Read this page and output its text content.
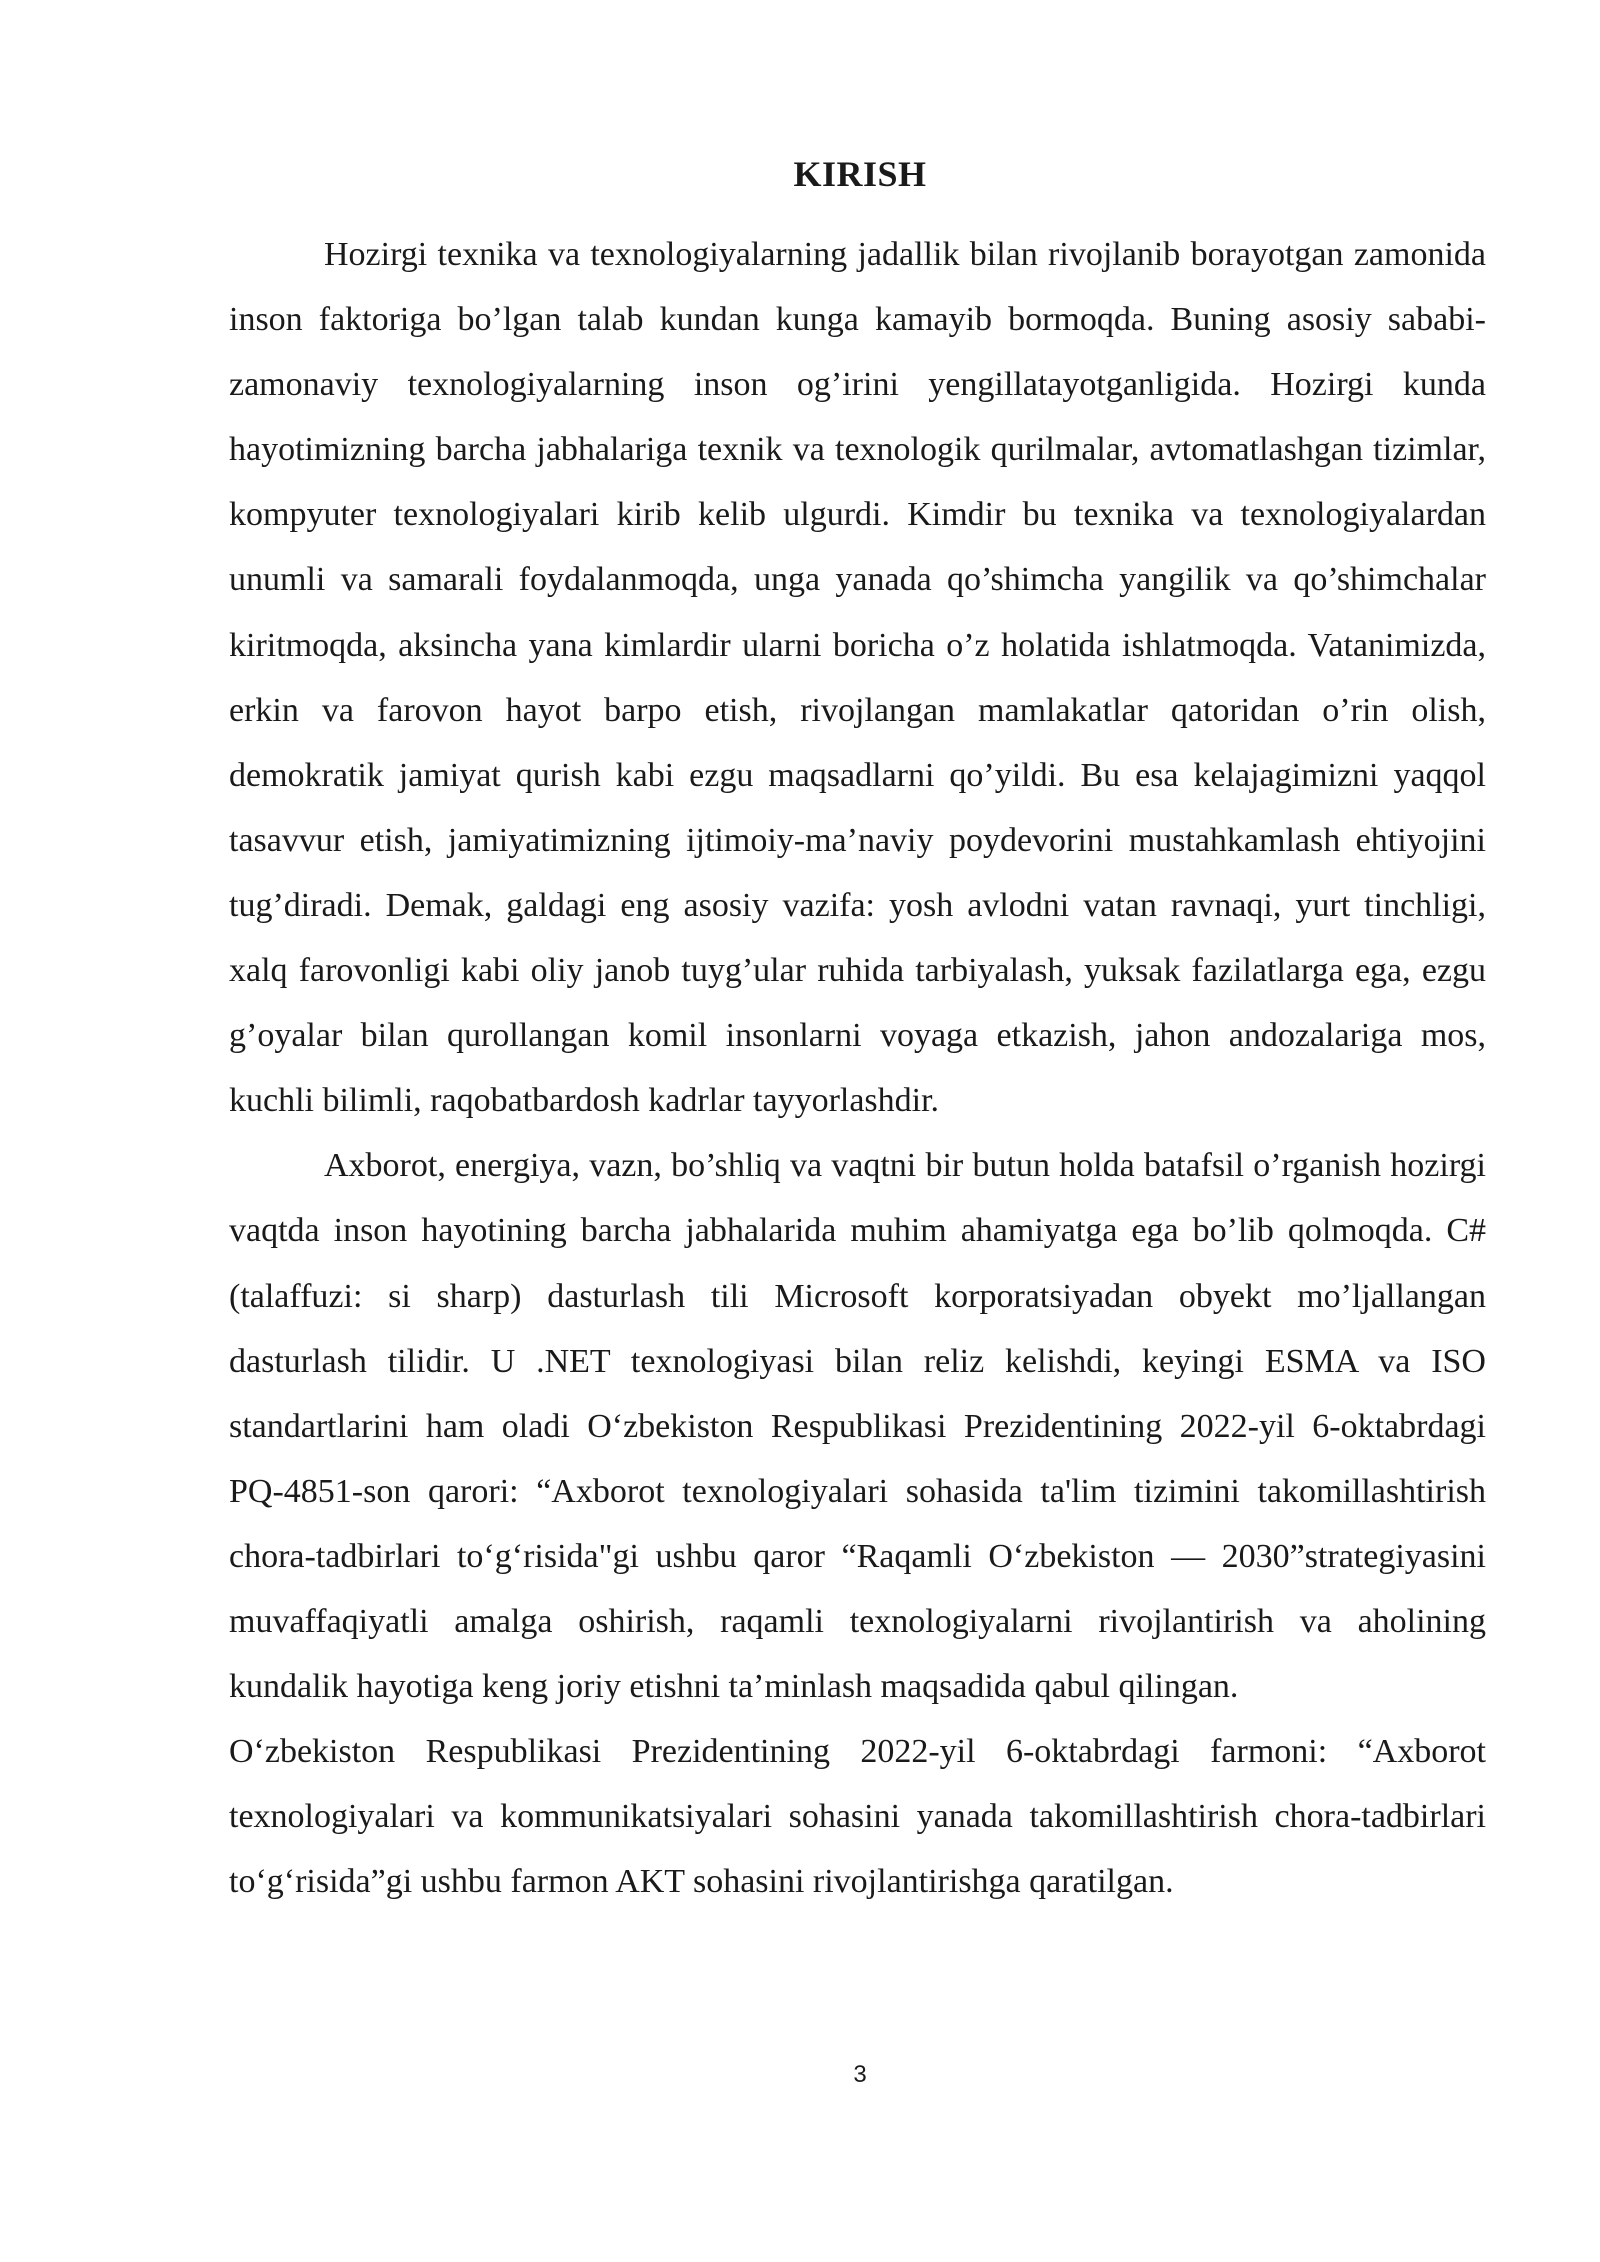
KIRISH

Hozirgi texnika va texnologiyalarning jadallik bilan rivojlanib borayotgan zamonida inson faktoriga bo’lgan talab kundan kunga kamayib bormoqda. Buning asosiy sababi-zamonaviy texnologiyalarning inson og’irini yengillatayotganligida. Hozirgi kunda hayotimizning barcha jabhalariga texnik va texnologik qurilmalar, avtomatlashgan tizimlar, kompyuter texnologiyalari kirib kelib ulgurdi. Kimdir bu texnika va texnologiyalardan unumli va samarali foydalanmoqda, unga yanada qo’shimcha yangilik va qo’shimchalar kiritmoqda, aksincha yana kimlardir ularni boricha o’z holatida ishlatmoqda. Vatanimizda, erkin va farovon hayot barpo etish, rivojlangan mamlakatlar qatoridan o’rin olish, demokratik jamiyat qurish kabi ezgu maqsadlarni qo’yildi. Bu esa kelajagimizni yaqqol tasavvur etish, jamiyatimizning ijtimoiy-ma’naviy poydevorini mustahkamlash ehtiyojini tug’diradi. Demak, galdagi eng asosiy vazifa: yosh avlodni vatan ravnaqi, yurt tinchligi, xalq farovonligi kabi oliy janob tuyg’ular ruhida tarbiyalash, yuksak fazilatlarga ega, ezgu g’oyalar bilan qurollangan komil insonlarni voyaga etkazish, jahon andozalariga mos, kuchli bilimli, raqobatbardosh kadrlar tayyorlashdir.

Axborot, energiya, vazn, bo’shliq va vaqtni bir butun holda batafsil o’rganish hozirgi vaqtda inson hayotining barcha jabhalarida muhim ahamiyatga ega bo’lib qolmoqda. C# (talaffuzi: si sharp) dasturlash tili Microsoft korporatsiyadan obyekt mo’ljallangan dasturlash tilidir. U .NET texnologiyasi bilan reliz kelishdi, keyingi ESMA va ISO standartlarini ham oladi O‘zbekiston Respublikasi Prezidentining 2022-yil 6-oktabrdagi PQ-4851-son qarori: “Axborot texnologiyalari sohasida ta'lim tizimini takomillashtirish chora-tadbirlari to‘g‘risida"gi ushbu qaror “Raqamli O‘zbekiston — 2030”strategiyasini muvaffaqiyatli amalga oshirish, raqamli texnologiyalarni rivojlantirish va aholining kundalik hayotiga keng joriy etishni ta’minlash maqsadida qabul qilingan.

O‘zbekiston Respublikasi Prezidentining 2022-yil 6-oktabrdagi farmoni: “Axborot texnologiyalari va kommunikatsiyalari sohasini yanada takomillashtirish chora-tadbirlari to‘g‘risida”gi ushbu farmon AKT sohasini rivojlantirishga qaratilgan.

3
